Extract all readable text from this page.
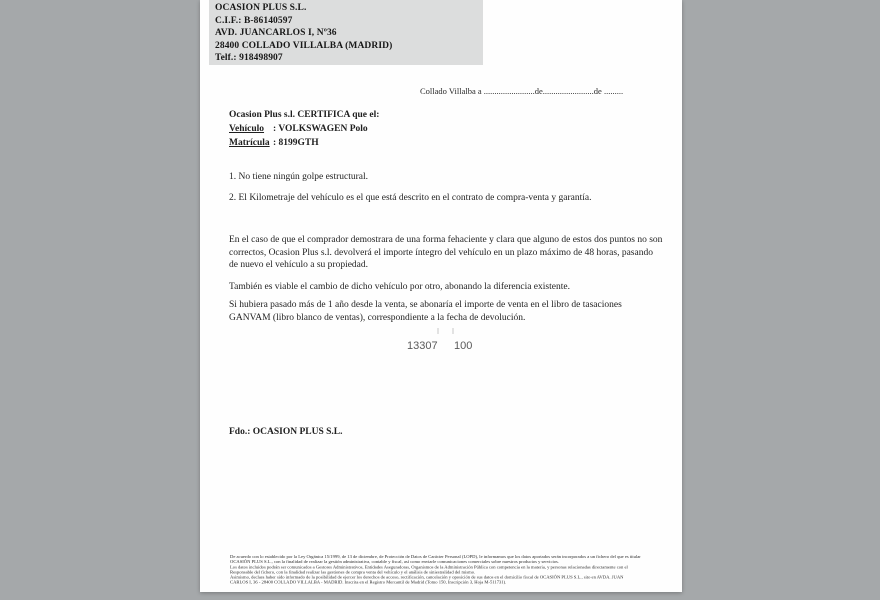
OCASION PLUS S.L.
C.I.F.: B-86140597
AVD. JUANCARLOS I, Nº36
28400 COLLADO VILLALBA (MADRID)
Telf.: 918498907
Collado Villalba a ........................de........................de .........
Ocasion Plus s.l. CERTIFICA que el:
Vehículo : VOLKSWAGEN Polo
Matrícula : 8199GTH
1. No tiene ningún golpe estructural.
2. El Kilometraje del vehículo es el que está descrito en el contrato de compra-venta y garantía.
En el caso de que el comprador demostrara de una forma fehaciente y clara que alguno de estos dos puntos no son correctos, Ocasion Plus s.l. devolverá el importe íntegro del vehículo en un plazo máximo de 48 horas, pasando de nuevo el vehículo a su propiedad.
También es viable el cambio de dicho vehículo por otro, abonando la diferencia existente.
Si hubiera pasado más de 1 año desde la venta, se abonaría el importe de venta en el libro de tasaciones GANVAM (libro blanco de ventas), correspondiente a la fecha de devolución.
13307 100
Fdo.: OCASION PLUS S.L.
De acuerdo con lo establecido por la Ley Orgánica 15/1999, de 13 de diciembre, de Protección de Datos de Carácter Personal (LOPD), le informamos que los datos aportados serán incorporados a un fichero del que es titular
OCASIÓN PLUS S.L., con la finalidad de realizar la gestión administrativa, contable y fiscal, así como enviarle comunicaciones comerciales sobre nuestros productos y servicios.
Los datos incluidos podrán ser comunicados a Gestores Administrativos, Entidades Aseguradoras, Organismos de la Administración Pública con competencia en la materia, y personas relacionadas directamente con el
Responsable del fichero, con la finalidad realizar las gestiones de compra venta del vehículo y el análisis de siniestralidad del mismo.
Asimismo, declara haber sido informado de la posibilidad de ejercer los derechos de acceso, rectificación, cancelación y oposición de sus datos en el domicilio fiscal de OCASIÓN PLUS S.L., sito en AVDA. JUAN
CARLOS I, 36 - 28400 COLLADO VILLALBA - MADRID. Inscrita en el Registro Mercantil de Madrid (Tomo 150, Inscripción 3, Hoja M-511731).
